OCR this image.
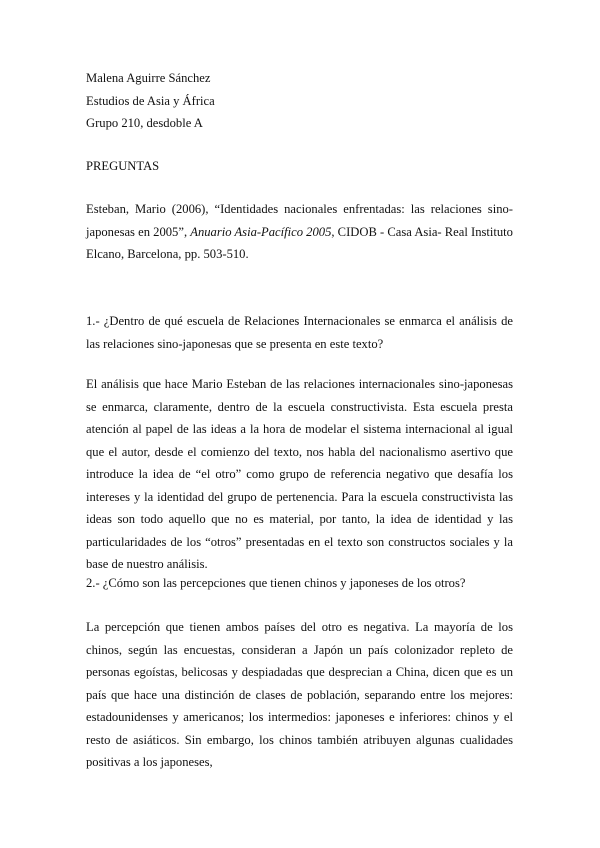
Malena Aguirre Sánchez
Estudios de Asia y África
Grupo 210, desdoble A
PREGUNTAS

Esteban, Mario (2006), “Identidades nacionales enfrentadas: las relaciones sino-japonesas en 2005”, Anuario Asia-Pacífico 2005, CIDOB - Casa Asia- Real Instituto Elcano, Barcelona, pp. 503-510.

1.- ¿Dentro de qué escuela de Relaciones Internacionales se enmarca el análisis de las relaciones sino-japonesas que se presenta en este texto?

El análisis que hace Mario Esteban de las relaciones internacionales sino-japonesas se enmarca, claramente, dentro de la escuela constructivista. Esta escuela presta atención al papel de las ideas a la hora de modelar el sistema internacional al igual que el autor, desde el comienzo del texto, nos habla del nacionalismo asertivo que introduce la idea de “el otro” como grupo de referencia negativo que desafía los intereses y la identidad del grupo de pertenencia. Para la escuela constructivista las ideas son todo aquello que no es material, por tanto, la idea de identidad y las particularidades de los “otros” presentadas en el texto son constructos sociales y la base de nuestro análisis.

2.- ¿Cómo son las percepciones que tienen chinos y japoneses de los otros?

La percepción que tienen ambos países del otro es negativa. La mayoría de los chinos, según las encuestas, consideran a Japón un país colonizador repleto de personas egoístas, belicosas y despiadadas que desprecian a China, dicen que es un país que hace una distinción de clases de población, separando entre los mejores: estadounidenses y americanos; los intermedios: japoneses e inferiores: chinos y el resto de asiáticos. Sin embargo, los chinos también atribuyen algunas cualidades positivas a los japoneses,
